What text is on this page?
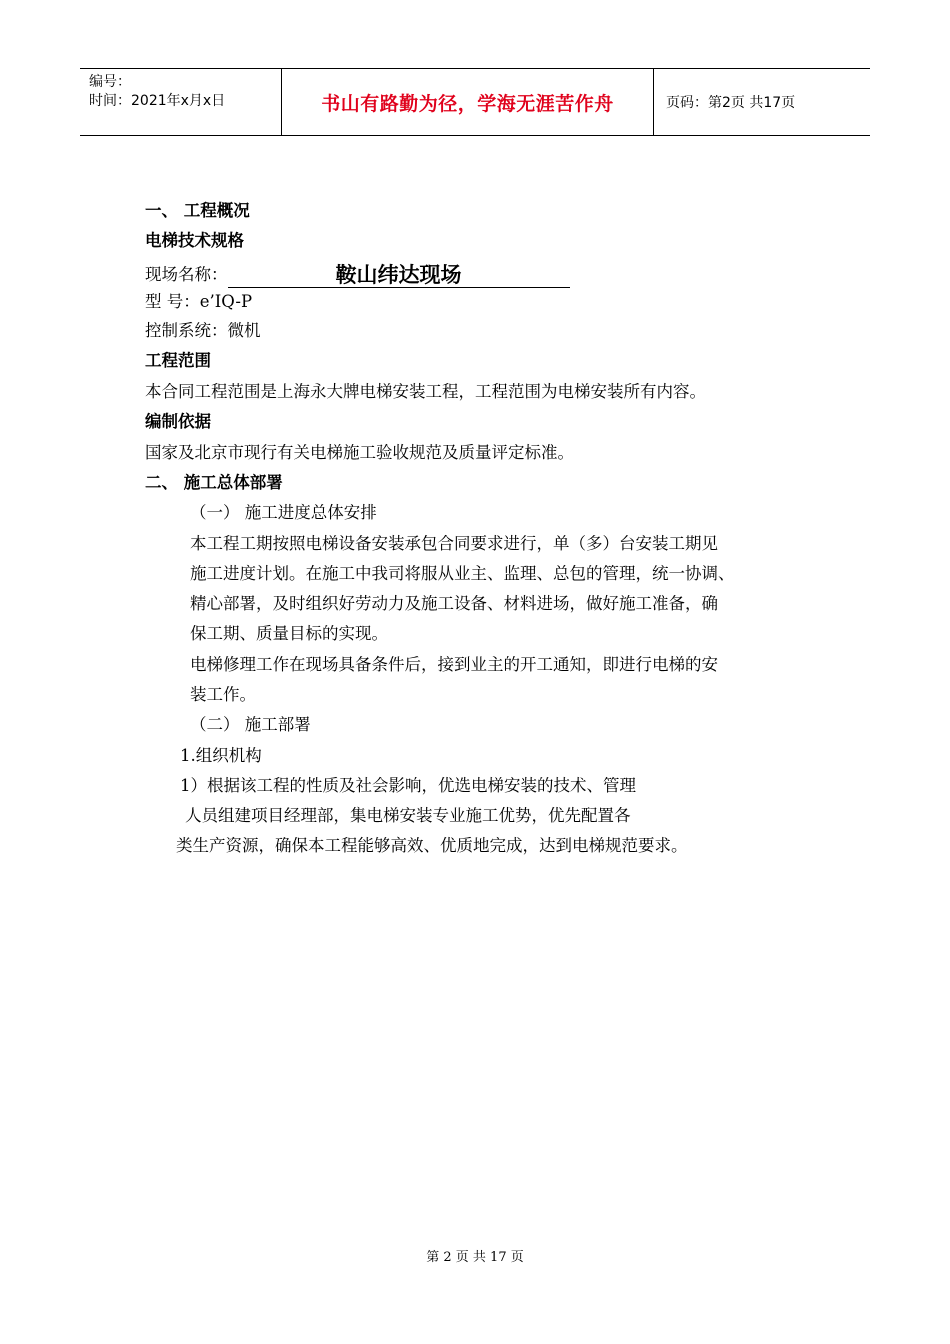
编号：
时间：2021年x月x日	书山有路勤为径，学海无涯苦作舟	页码：第2页 共17页
一、 工程概况
电梯技术规格
现场名称：	鞍山纬达现场
型 号：e’IQ-P
控制系统：微机
工程范围
本合同工程范围是上海永大牌电梯安装工程，工程范围为电梯安装所有内容。
编制依据
国家及北京市现行有关电梯施工验收规范及质量评定标准。
二、 施工总体部署
（一） 施工进度总体安排
本工程工期按照电梯设备安装承包合同要求进行，单（多）台安装工期见
施工进度计划。在施工中我司将服从业主、监理、总包的管理，统一协调、
精心部署，及时组织好劳动力及施工设备、材料进场，做好施工准备，确
保工期、质量目标的实现。
电梯修理工作在现场具备条件后，接到业主的开工通知，即进行电梯的安
装工作。
（二） 施工部署
1.组织机构
1）根据该工程的性质及社会影响，优选电梯安装的技术、管理
人员组建项目经理部，集电梯安装专业施工优势，优先配置各
类生产资源，确保本工程能够高效、优质地完成，达到电梯规范要求。
第 2 页 共 17 页
